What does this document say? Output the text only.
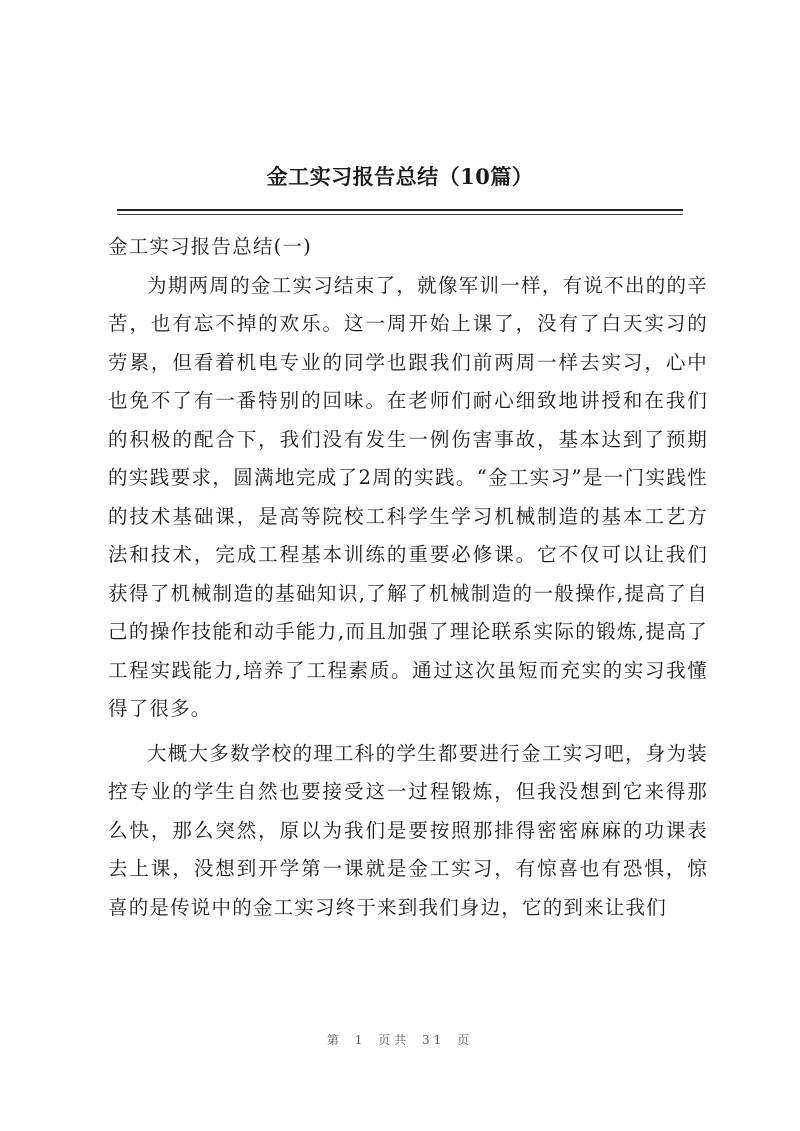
金工实习报告总结（10篇）

金工实习报告总结(一)

为期两周的金工实习结束了，就像军训一样，有说不出的的辛苦，也有忘不掉的欢乐。这一周开始上课了，没有了白天实习的劳累，但看着机电专业的同学也跟我们前两周一样去实习，心中也免不了有一番特别的回味。在老师们耐心细致地讲授和在我们的积极的配合下，我们没有发生一例伤害事故，基本达到了预期的实践要求，圆满地完成了2周的实践。“金工实习”是一门实践性的技术基础课，是高等院校工科学生学习机械制造的基本工艺方法和技术，完成工程基本训练的重要必修课。它不仅可以让我们获得了机械制造的基础知识,了解了机械制造的一般操作,提高了自己的操作技能和动手能力,而且加强了理论联系实际的锻炼,提高了工程实践能力,培养了工程素质。通过这次虽短而充实的实习我懂得了很多。

大概大多数学校的理工科的学生都要进行金工实习吧，身为装控专业的学生自然也要接受这一过程锻炼，但我没想到它来得那么快，那么突然，原以为我们是要按照那排得密密麻麻的功课表去上课，没想到开学第一课就是金工实习，有惊喜也有恐惧，惊喜的是传说中的金工实习终于来到我们身边，它的到来让我们

第 1 页共 31 页
